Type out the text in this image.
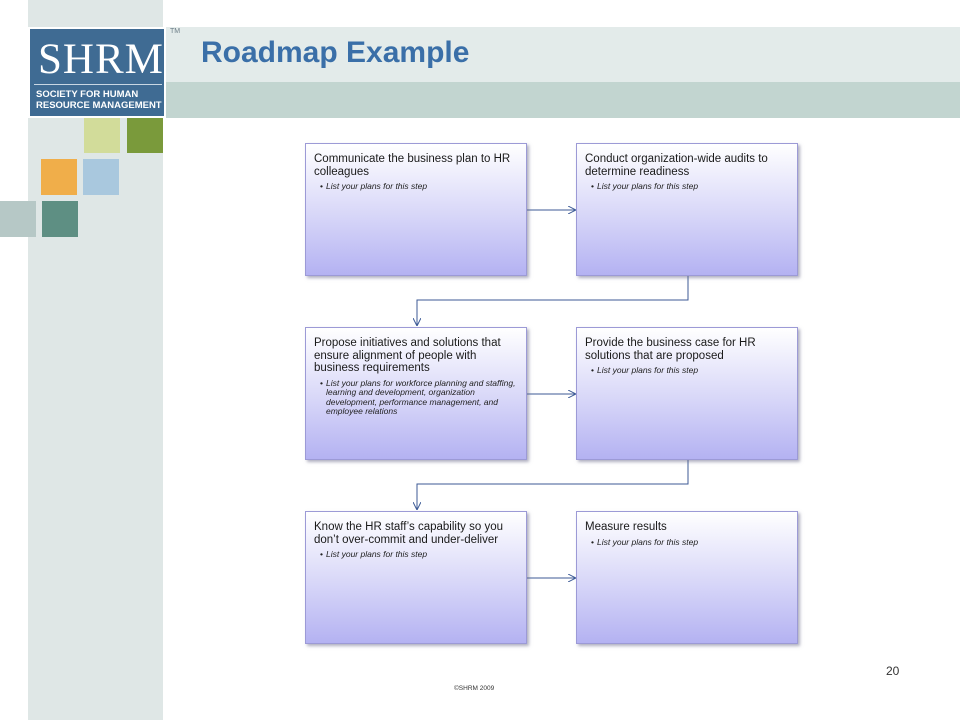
SHRM
SOCIETY FOR HUMAN RESOURCE MANAGEMENT
TM
Roadmap Example
Communicate the business plan to HR colleagues
• List your plans for this step
Conduct organization-wide audits to determine readiness
• List your plans for this step
Propose initiatives and solutions that ensure alignment of people with business requirements
• List your plans for workforce planning and staffing, learning and development, organization development, performance management, and employee relations
Provide the business case for HR solutions that are proposed
• List your plans for this step
Know the HR staff’s capability so you don’t over-commit and under-deliver
• List your plans for this step
Measure results
• List your plans for this step
20
©SHRM 2009
